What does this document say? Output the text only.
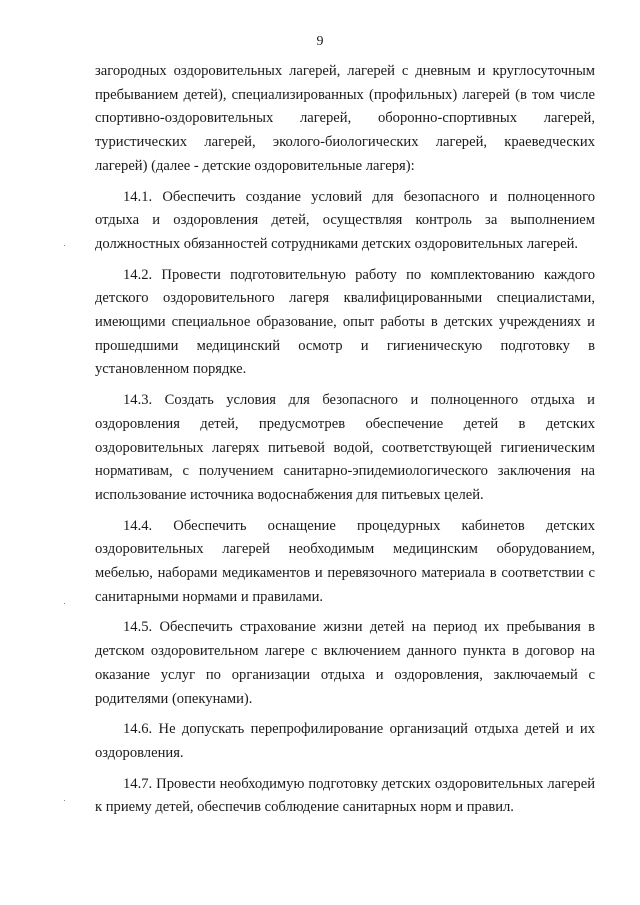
9

загородных оздоровительных лагерей, лагерей с дневным и круглосуточным пребыванием детей), специализированных (профильных) лагерей (в том числе спортивно-оздоровительных лагерей, оборонно-спортивных лагерей, туристических лагерей, эколого-биологических лагерей, краеведческих лагерей) (далее - детские оздоровительные лагеря):

14.1. Обеспечить создание условий для безопасного и полноценного отдыха и оздоровления детей, осуществляя контроль за выполнением должностных обязанностей сотрудниками детских оздоровительных лагерей.

14.2. Провести подготовительную работу по комплектованию каждого детского оздоровительного лагеря квалифицированными специалистами, имеющими специальное образование, опыт работы в детских учреждениях и прошедшими медицинский осмотр и гигиеническую подготовку в установленном порядке.

14.3. Создать условия для безопасного и полноценного отдыха и оздоровления детей, предусмотрев обеспечение детей в детских оздоровительных лагерях питьевой водой, соответствующей гигиеническим нормативам, с получением санитарно-эпидемиологического заключения на использование источника водоснабжения для питьевых целей.

14.4. Обеспечить оснащение процедурных кабинетов детских оздоровительных лагерей необходимым медицинским оборудованием, мебелью, наборами медикаментов и перевязочного материала в соответствии с санитарными нормами и правилами.

14.5. Обеспечить страхование жизни детей на период их пребывания в детском оздоровительном лагере с включением данного пункта в договор на оказание услуг по организации отдыха и оздоровления, заключаемый с родителями (опекунами).

14.6. Не допускать перепрофилирование организаций отдыха детей и их оздоровления.

14.7. Провести необходимую подготовку детских оздоровительных лагерей к приему детей, обеспечив соблюдение санитарных норм и правил.
